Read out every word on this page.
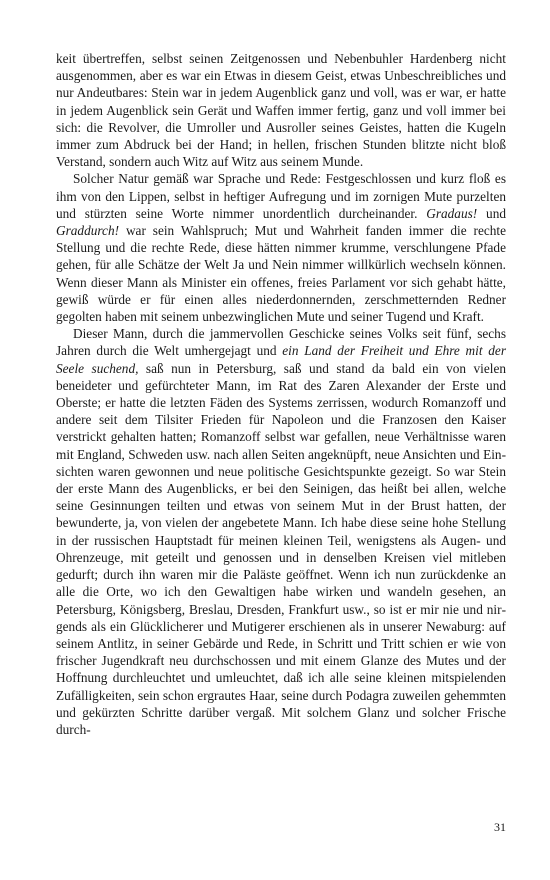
keit übertreffen, selbst seinen Zeitgenossen und Nebenbuhler Hardenberg nicht ausgenommen, aber es war ein Etwas in diesem Geist, etwas Unbeschreibliches und nur Andeutbares: Stein war in jedem Augenblick ganz und voll, was er war, er hatte in jedem Augenblick sein Gerät und Waffen immer fertig, ganz und voll immer bei sich: die Revolver, die Umroller und Ausroller seines Geistes, hatten die Kugeln immer zum Abdruck bei der Hand; in hellen, frischen Stunden blitzte nicht bloß Verstand, sondern auch Witz auf Witz aus seinem Munde.

Solcher Natur gemäß war Sprache und Rede: Festgeschlossen und kurz floß es ihm von den Lippen, selbst in heftiger Aufregung und im zornigen Mute purzelten und stürzten seine Worte nimmer unordentlich durcheinander. Gradaus! und Graddurch! war sein Wahlspruch; Mut und Wahrheit fanden immer die rechte Stellung und die rechte Rede, diese hätten nimmer krumme, verschlungene Pfade gehen, für alle Schätze der Welt Ja und Nein nimmer willkürlich wechseln können. Wenn dieser Mann als Minister ein offenes, freies Parlament vor sich gehabt hätte, gewiß würde er für einen alles niederdonnernden, zerschmetternden Redner gegolten haben mit seinem unbezwinglichen Mute und seiner Tugend und Kraft.

Dieser Mann, durch die jammervollen Geschicke seines Volks seit fünf, sechs Jahren durch die Welt umhergejagt und ein Land der Freiheit und Ehre mit der Seele suchend, saß nun in Petersburg, saß und stand da bald ein von vielen beneideter und gefürchteter Mann, im Rat des Zaren Alexander der Erste und Oberste; er hatte die letzten Fäden des Systems zerrissen, wodurch Romanzoff und andere seit dem Tilsiter Frieden für Napoleon und die Franzosen den Kaiser verstrickt gehalten hatten; Romanzoff selbst war gefallen, neue Verhältnisse waren mit England, Schweden usw. nach allen Seiten angeknüpft, neue Ansichten und Einsichten waren gewonnen und neue politische Gesichtspunkte gezeigt. So war Stein der erste Mann des Augenblicks, er bei den Seinigen, das heißt bei allen, welche seine Gesinnungen teilten und etwas von seinem Mut in der Brust hatten, der bewunderte, ja, von vielen der angebetete Mann. Ich habe diese seine hohe Stellung in der russischen Hauptstadt für meinen kleinen Teil, wenigstens als Augen- und Ohrenzeuge, mit geteilt und genossen und in denselben Kreisen viel mitleben gedurft; durch ihn waren mir die Paläste geöffnet. Wenn ich nun zurückdenke an alle die Orte, wo ich den Gewaltigen habe wirken und wandeln gesehen, an Petersburg, Königsberg, Breslau, Dresden, Frankfurt usw., so ist er mir nie und nirgends als ein Glücklicherer und Mutigerer erschienen als in unserer Newaburg: auf seinem Antlitz, in seiner Gebärde und Rede, in Schritt und Tritt schien er wie von frischer Jugendkraft neu durchschossen und mit einem Glanze des Mutes und der Hoffnung durchleuchtet und umleuchtet, daß ich alle seine kleinen mitspielenden Zufälligkeiten, sein schon ergrautes Haar, seine durch Podagra zuweilen gehemmten und gekürzten Schritte darüber vergaß. Mit solchem Glanz und solcher Frische durch-

31
